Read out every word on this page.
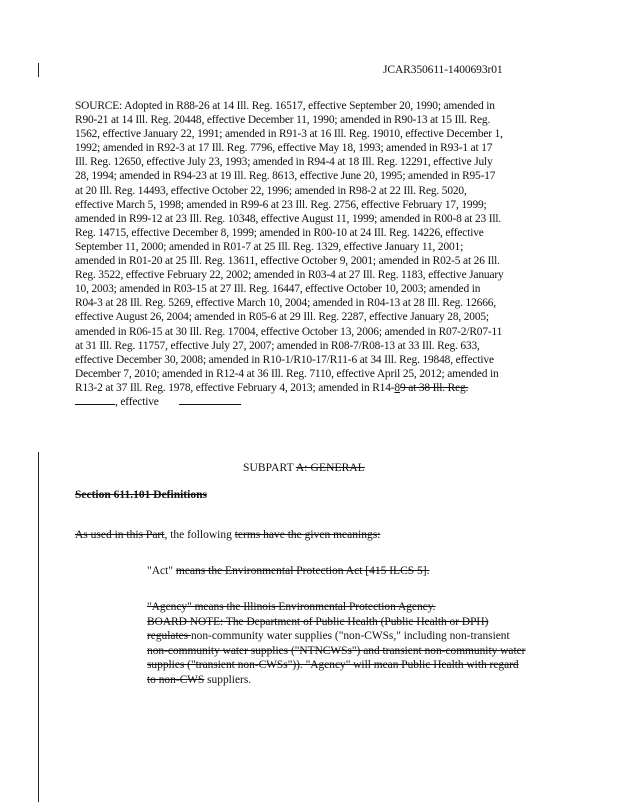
JCAR350611-1400693r01

SOURCE: Adopted in R88-26 at 14 Ill. Reg. 16517, effective September 20, 1990; amended in

R90-21 at 14 Ill. Reg. 20448, effective December 11, 1990; amended in R90-13 at 15 Ill. Reg.

1562, effective January 22, 1991; amended in R91-3 at 16 Ill. Reg. 19010, effective December 1,

1992; amended in R92-3 at 17 Ill. Reg. 7796, effective May 18, 1993; amended in R93-1 at 17

Ill. Reg. 12650, effective July 23, 1993; amended in R94-4 at 18 Ill. Reg. 12291, effective July

28, 1994; amended in R94-23 at 19 Ill. Reg. 8613, effective June 20, 1995; amended in R95-17

at 20 Ill. Reg. 14493, effective October 22, 1996; amended in R98-2 at 22 Ill. Reg. 5020,

effective March 5, 1998; amended in R99-6 at 23 Ill. Reg. 2756, effective February 17, 1999;

amended in R99-12 at 23 Ill. Reg. 10348, effective August 11, 1999; amended in R00-8 at 23 Ill.

Reg. 14715, effective December 8, 1999; amended in R00-10 at 24 Ill. Reg. 14226, effective

September 11, 2000; amended in R01-7 at 25 Ill. Reg. 1329, effective January 11, 2001;

amended in R01-20 at 25 Ill. Reg. 13611, effective October 9, 2001; amended in R02-5 at 26 Ill.

Reg. 3522, effective February 22, 2002; amended in R03-4 at 27 Ill. Reg. 1183, effective January

10, 2003; amended in R03-15 at 27 Ill. Reg. 16447, effective October 10, 2003; amended in

R04-3 at 28 Ill. Reg. 5269, effective March 10, 2004; amended in R04-13 at 28 Ill. Reg. 12666,

effective August 26, 2004; amended in R05-6 at 29 Ill. Reg. 2287, effective January 28, 2005;

amended in R06-15 at 30 Ill. Reg. 17004, effective October 13, 2006; amended in R07-2/R07-11

at 31 Ill. Reg. 11757, effective July 27, 2007; amended in R08-7/R08-13 at 33 Ill. Reg. 633,

effective December 30, 2008; amended in R10-1/R10-17/R11-6 at 34 Ill. Reg. 19848, effective

December 7, 2010; amended in R12-4 at 36 Ill. Reg. 7110, effective April 25, 2012; amended in

R13-2 at 37 Ill. Reg. 1978, effective February 4, 2013; amended in R14-89 at 38 Ill. Reg.

, effective

SUBPART A: GENERAL
Section 611.101 Definitions
As used in this Part, the following terms have the given meanings:
"Act" means the Environmental Protection Act [415 ILCS 5].

"Agency" means the Illinois Environmental Protection Agency.

BOARD NOTE: The Department of Public Health (Public Health or DPH)

regulates non-community water supplies ("non-CWSs," including non-transient

non-community water supplies ("NTNCWSs") and transient non-community water

supplies ("transient non-CWSs")). "Agency" will mean Public Health with regard

to non-CWS suppliers.
